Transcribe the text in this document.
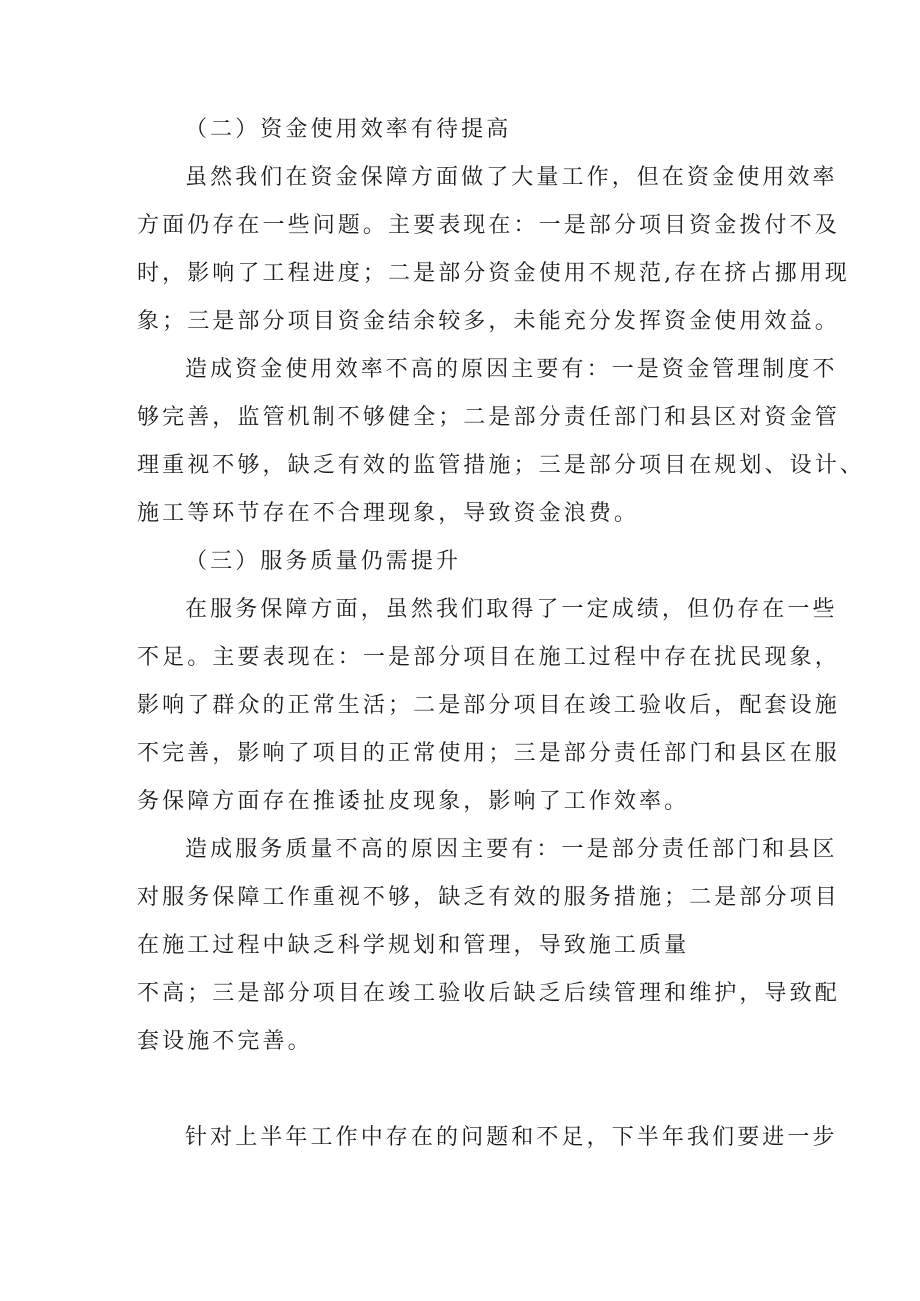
（二）资金使用效率有待提高
虽然我们在资金保障方面做了大量工作，但在资金使用效率
方面仍存在一些问题。主要表现在：一是部分项目资金拨付不及
时，影响了工程进度；二是部分资金使用不规范,存在挤占挪用现
象；三是部分项目资金结余较多，未能充分发挥资金使用效益。
造成资金使用效率不高的原因主要有：一是资金管理制度不
够完善，监管机制不够健全；二是部分责任部门和县区对资金管
理重视不够，缺乏有效的监管措施；三是部分项目在规划、设计、
施工等环节存在不合理现象，导致资金浪费。
（三）服务质量仍需提升
在服务保障方面，虽然我们取得了一定成绩，但仍存在一些
不足。主要表现在：一是部分项目在施工过程中存在扰民现象，
影响了群众的正常生活；二是部分项目在竣工验收后，配套设施
不完善，影响了项目的正常使用；三是部分责任部门和县区在服
务保障方面存在推诿扯皮现象，影响了工作效率。
造成服务质量不高的原因主要有：一是部分责任部门和县区
对服务保障工作重视不够，缺乏有效的服务措施；二是部分项目
在施工过程中缺乏科学规划和管理，导致施工质量
不高；三是部分项目在竣工验收后缺乏后续管理和维护，导致配
套设施不完善。
针对上半年工作中存在的问题和不足，下半年我们要进一步
